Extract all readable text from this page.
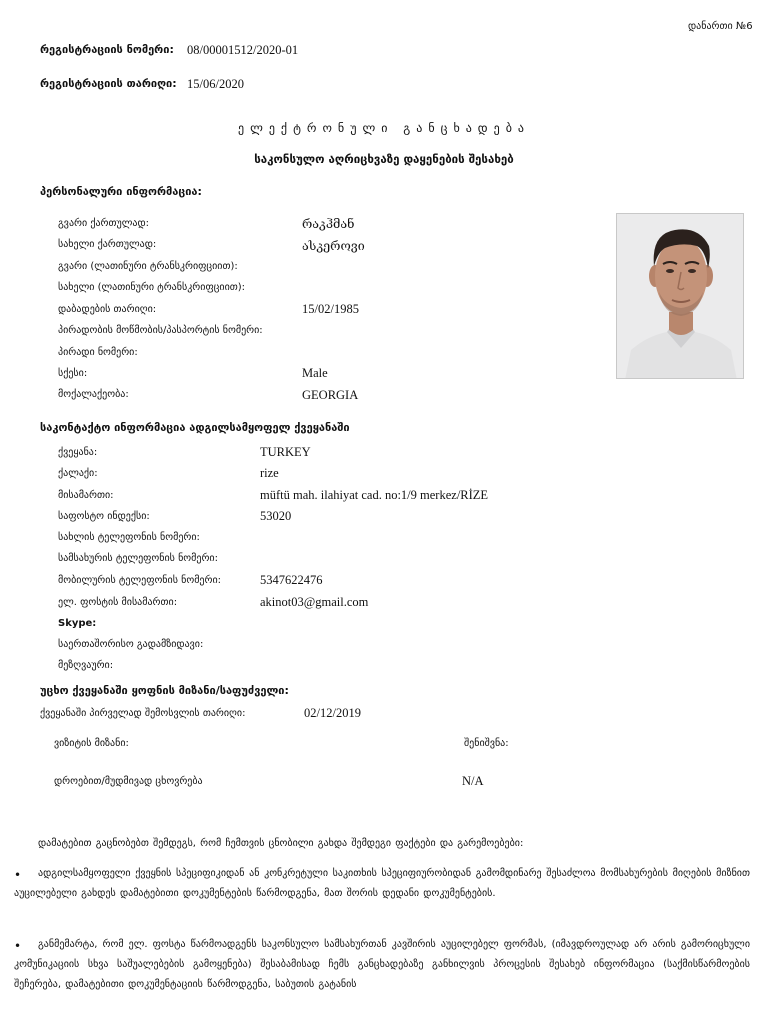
დანართი №6
რეგისტრაციის ნომერი: 08/00001512/2020-01
რეგისტრაციის თარიღი: 15/06/2020
ელექტრონული განცხადება
საკონსულო აღრიცხვაზე დაყენების შესახებ
პერსონალური ინფორმაცია:
გვარი ქართულად:	რაკჰმან
სახელი ქართულად:	ასკეროვი
გვარი (ლათინური ტრანსკრიფციით):
სახელი (ლათინური ტრანსკრიფციით):
დაბადების თარიღი:	15/02/1985
პირადობის მოწმობის/პასპორტის ნომერი:
პირადი ნომერი:
სქესი:	Male
მოქალაქეობა:	GEORGIA
საკონტაქტო ინფორმაცია ადგილსამყოფელ ქვეყანაში
ქვეყანა:	TURKEY
ქალაქი:	rize
მისამართი:	müftü mah. ilahiyat cad. no:1/9 merkez/RİZE
საფოსტო ინდექსი:	53020
სახლის ტელეფონის ნომერი:
სამსახურის ტელეფონის ნომერი:
მობილურის ტელეფონის ნომერი:	5347622476
ელ. ფოსტის მისამართი:	akinot03@gmail.com
Skype:
საერთაშორისო გადამზიდავი:
მეზღვაური:
უცხო ქვეყანაში ყოფნის მიზანი/საფუძველი:
ქვეყანაში პირველად შემოსვლის თარიღი:	02/12/2019
ვიზიტის მიზანი:	შენიშვნა:
დროებით/მუდმივად ცხოვრება	N/A
დამატებით გაცნობებთ შემდეგს, რომ ჩემთვის ცნობილი გახდა შემდეგი ფაქტები და გარემოებები:
•	ადგილსამყოფელი ქვეყნის სპეციფიკიდან ან კონკრეტული საკითხის სპეციფიურობიდან გამომდინარე შესაძლოა მომსახურების მიღების მიზნით აუცილებელი გახდეს დამატებითი დოკუმენტების წარმოდგენა, მათ შორის დედანი დოკუმენტების.
•	განმემარტა, რომ ელ. ფოსტა წარმოადგენს საკონსულო სამსახურთან კავშირის აუცილებელ ფორმას, (იმავდროულად არ არის გამორიცხული კომუნიკაციის სხვა საშუალებების გამოყენება) შესაბამისად ჩემს განცხადებაზე განხილვის პროცესის შესახებ ინფორმაცია (საქმისწარმოების შეჩერება, დამატებითი დოკუმენტაციის წარმოდგენა, საბუთის გატანის
